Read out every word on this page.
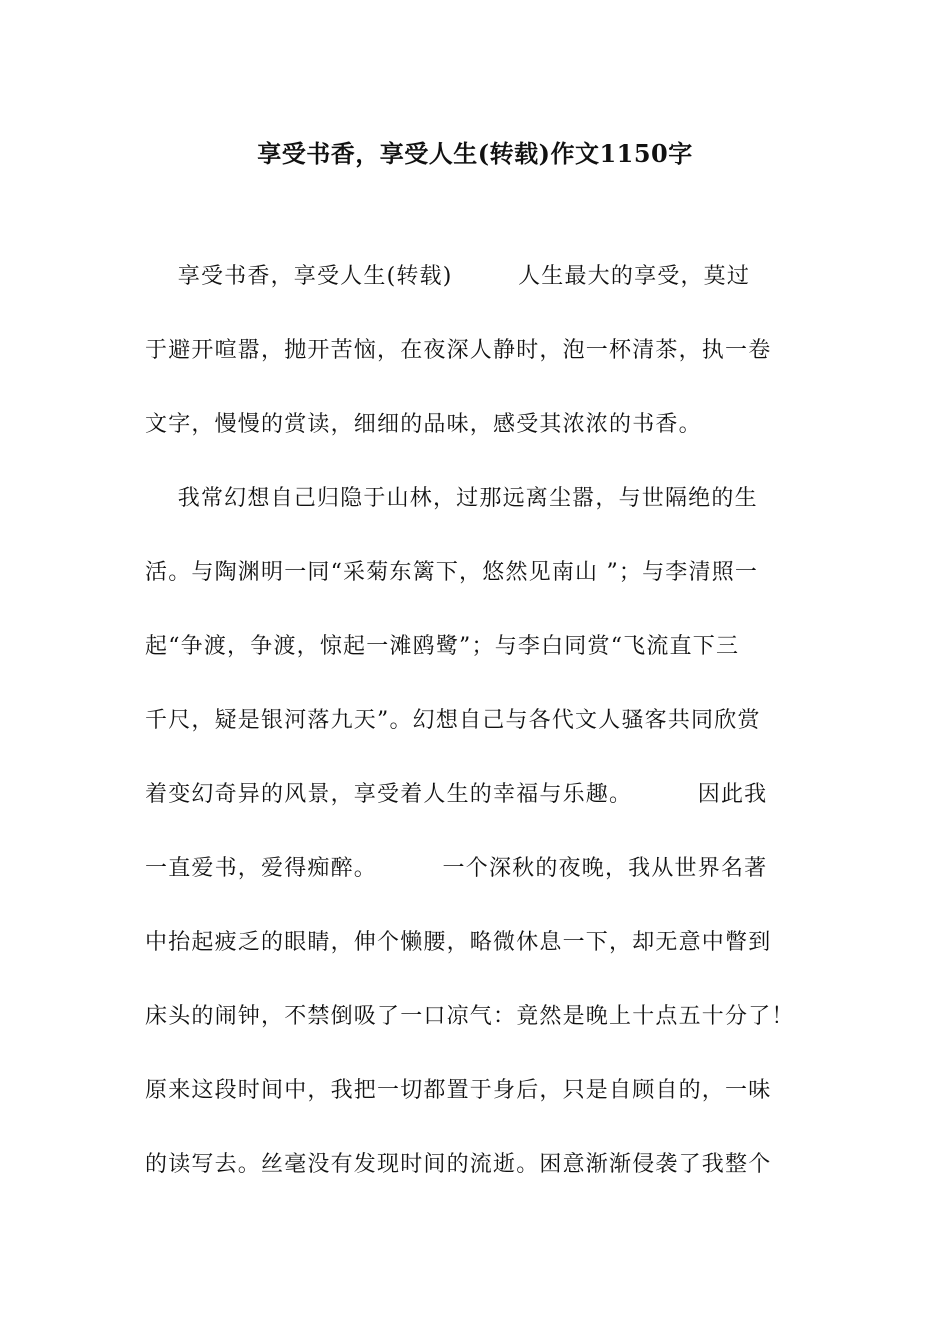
享受书香，享受人生(转载)作文1150字
享受书香，享受人生(转载)        人生最大的享受，莫过
于避开喧嚣，抛开苦恼，在夜深人静时，泡一杯清茶，执一卷
文字，慢慢的赏读，细细的品味，感受其浓浓的书香。
我常幻想自己归隐于山林，过那远离尘嚣，与世隔绝的生
活。与陶渊明一同“采菊东篱下，悠然见南山 ”；与李清照一
起“争渡，争渡，惊起一滩鸥鹭”；与李白同赏“飞流直下三
千尺，疑是银河落九天”。幻想自己与各代文人骚客共同欣赏
着变幻奇异的风景，享受着人生的幸福与乐趣。        因此我
一直爱书，爱得痴醉。        一个深秋的夜晚，我从世界名著
中抬起疲乏的眼睛，伸个懒腰，略微休息一下，却无意中瞥到
床头的闹钟，不禁倒吸了一口凉气：竟然是晚上十点五十分了！
原来这段时间中，我把一切都置于身后，只是自顾自的，一味
的读写去。丝毫没有发现时间的流逝。困意渐渐侵袭了我整个
